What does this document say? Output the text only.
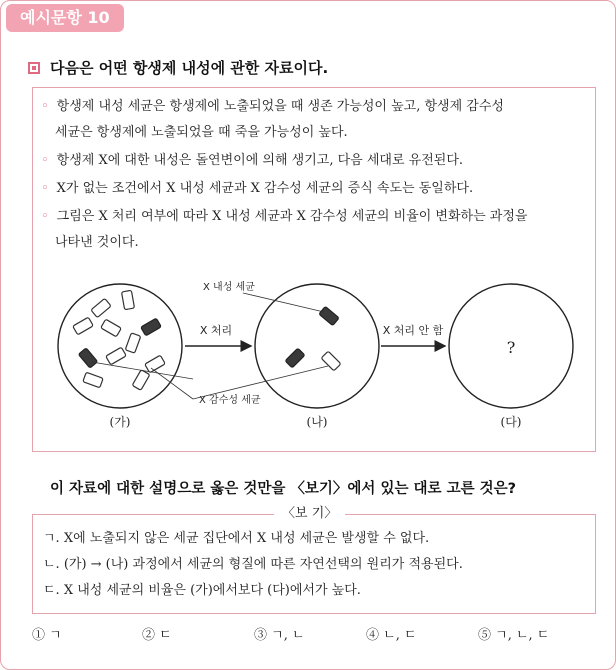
예시문항 10
다음은 어떤 항생제 내성에 관한 자료이다.
◦ 항생제 내성 세균은 항생제에 노출되었을 때 생존 가능성이 높고, 항생제 감수성
세균은 항생제에 노출되었을 때 죽을 가능성이 높다.
◦ 항생제 X에 대한 내성은 돌연변이에 의해 생기고, 다음 세대로 유전된다.
◦ X가 없는 조건에서 X 내성 세균과 X 감수성 세균의 증식 속도는 동일하다.
◦ 그림은 X 처리 여부에 따라 X 내성 세균과 X 감수성 세균의 비율이 변화하는 과정을
나타낸 것이다.
X 처리
X 내성 세균
X 감수성 세균
X 처리 안 함
?
(가)	(나)	(다)
이 자료에 대한 설명으로 옳은 것만을 〈보기〉에서 있는 대로 고른 것은?
ㄱ. X에 노출되지 않은 세균 집단에서 X 내성 세균은 발생할 수 없다.
ㄴ. (가) → (나) 과정에서 세균의 형질에 따른 자연선택의 원리가 적용된다.
ㄷ. X 내성 세균의 비율은 (가)에서보다 (다)에서가 높다.
〈보 기〉
① ㄱ	② ㄷ	③ ㄱ, ㄴ	④ ㄴ, ㄷ	⑤ ㄱ, ㄴ, ㄷ
